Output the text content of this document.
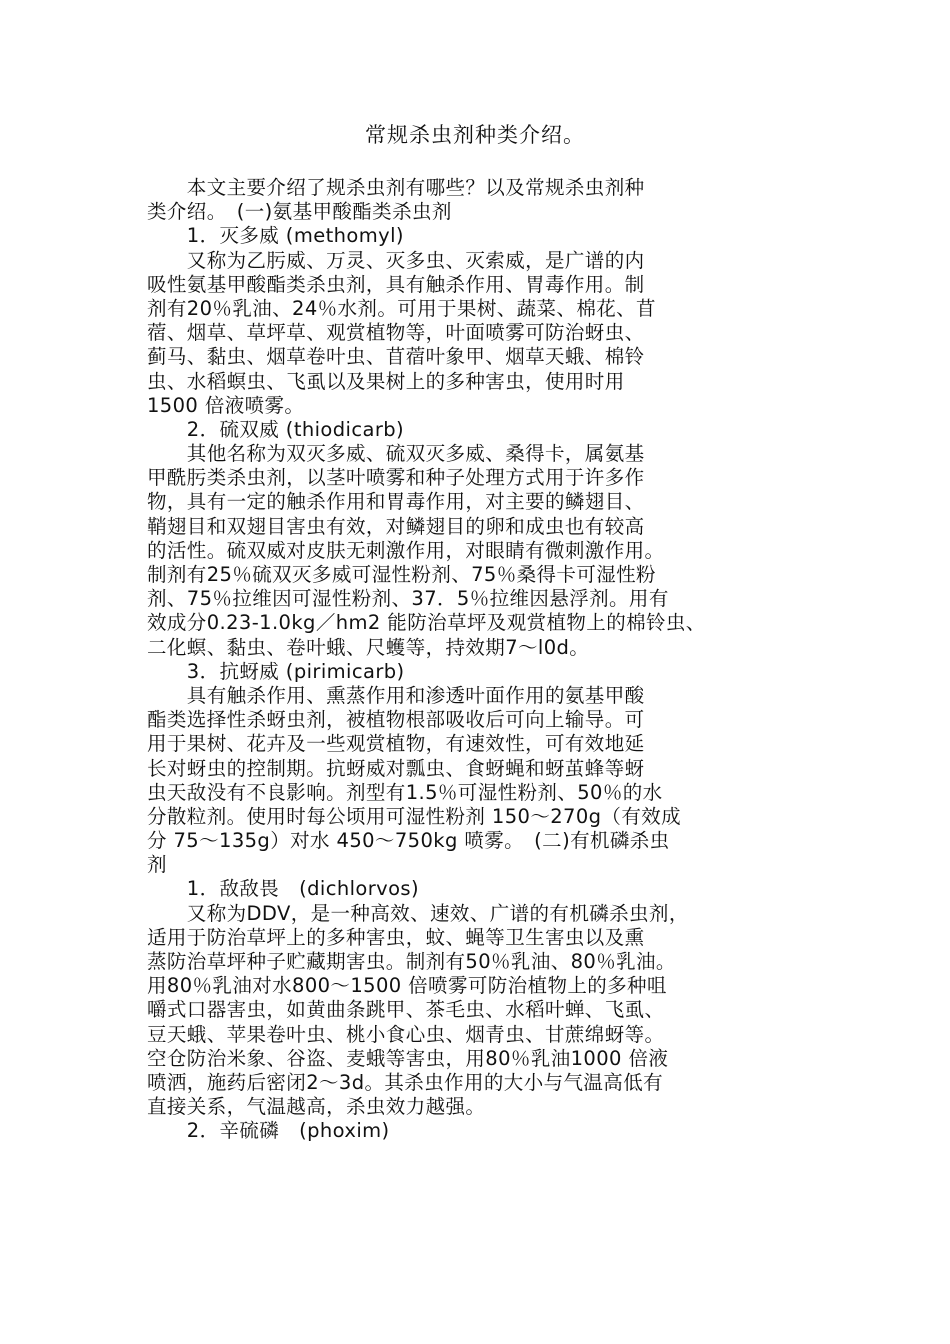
常规杀虫剂种类介绍。
　　本文主要介绍了规杀虫剂有哪些？以及常规杀虫剂种
类介绍。　(一)氨基甲酸酯类杀虫剂
　　1．灭多威 (methomyl)
　　又称为乙肟威、万灵、灭多虫、灭索威，是广谱的内
吸性氨基甲酸酯类杀虫剂，具有触杀作用、胃毒作用。制
剂有20％乳油、24％水剂。可用于果树、蔬菜、棉花、苜
蓿、烟草、草坪草、观赏植物等，叶面喷雾可防治蚜虫、
蓟马、黏虫、烟草卷叶虫、苜蓿叶象甲、烟草天蛾、棉铃
虫、水稻螟虫、飞虱以及果树上的多种害虫，使用时用
1500 倍液喷雾。
　　2．硫双威 (thiodicarb)
　　其他名称为双灭多威、硫双灭多威、桑得卡，属氨基
甲酰肟类杀虫剂，以茎叶喷雾和种子处理方式用于许多作
物，具有一定的触杀作用和胃毒作用，对主要的鳞翅目、
鞘翅目和双翅目害虫有效，对鳞翅目的卵和成虫也有较高
的活性。硫双威对皮肤无刺激作用，对眼睛有微刺激作用。
制剂有25％硫双灭多威可湿性粉剂、75％桑得卡可湿性粉
剂、75％拉维因可湿性粉剂、37．5％拉维因悬浮剂。用有
效成分0.23-1.0kg／hm2 能防治草坪及观赏植物上的棉铃虫、
二化螟、黏虫、卷叶蛾、尺蠖等，持效期7～l0d。
　　3．抗蚜威 (pirimicarb)
　　具有触杀作用、熏蒸作用和渗透叶面作用的氨基甲酸
酯类选择性杀蚜虫剂，被植物根部吸收后可向上输导。可
用于果树、花卉及一些观赏植物，有速效性，可有效地延
长对蚜虫的控制期。抗蚜威对瓢虫、食蚜蝇和蚜茧蜂等蚜
虫天敌没有不良影响。剂型有1.5％可湿性粉剂、50％的水
分散粒剂。使用时每公顷用可湿性粉剂 150～270g（有效成
分 75～135g）对水 450～750kg 喷雾。　(二)有机磷杀虫
剂
　　1．敌敌畏　(dichlorvos)
　　又称为DDV，是一种高效、速效、广谱的有机磷杀虫剂，
适用于防治草坪上的多种害虫，蚊、蝇等卫生害虫以及熏
蒸防治草坪种子贮藏期害虫。制剂有50％乳油、80％乳油。
用80％乳油对水800～1500 倍喷雾可防治植物上的多种咀
嚼式口器害虫，如黄曲条跳甲、茶毛虫、水稻叶蝉、飞虱、
豆天蛾、苹果卷叶虫、桃小食心虫、烟青虫、甘蔗绵蚜等。
空仓防治米象、谷盗、麦蛾等害虫，用80％乳油1000 倍液
喷洒，施药后密闭2～3d。其杀虫作用的大小与气温高低有
直接关系，气温越高，杀虫效力越强。
　　2．辛硫磷　(phoxim)
